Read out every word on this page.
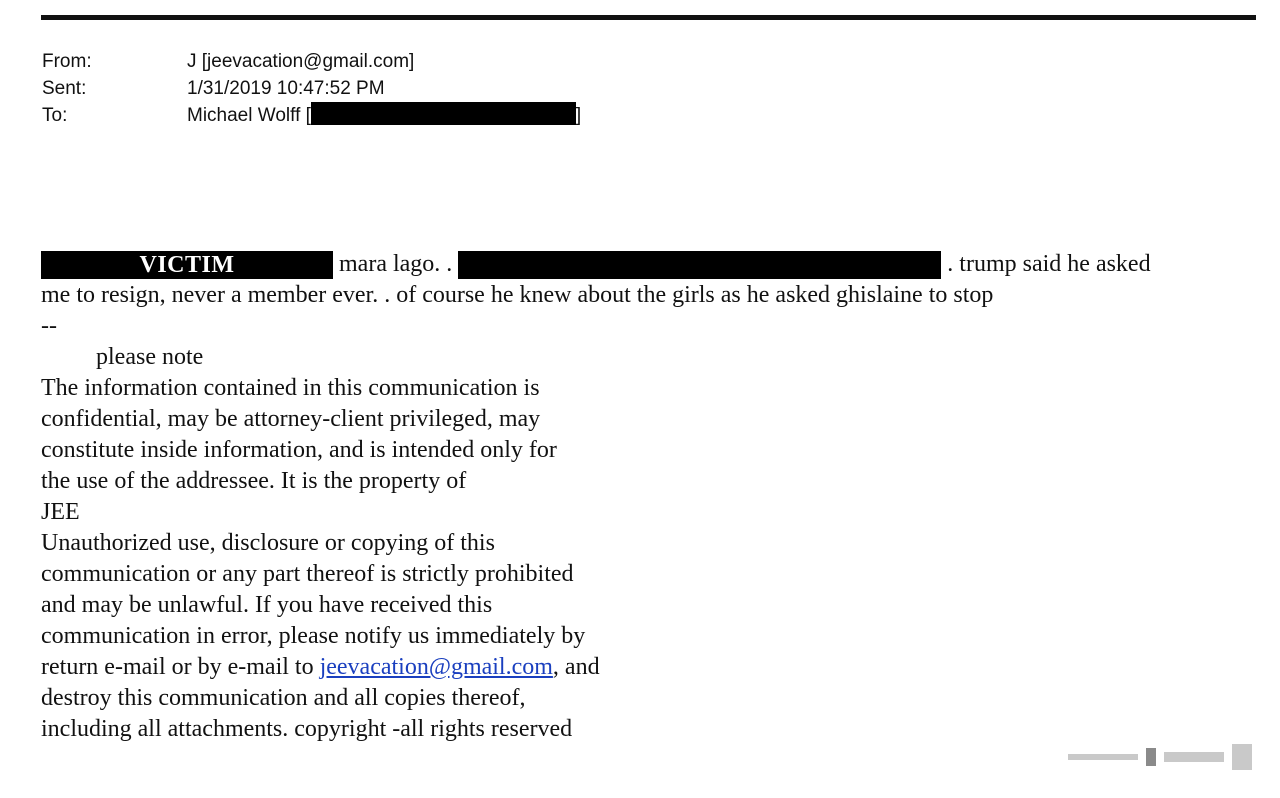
From:	J [jeevacation@gmail.com]
Sent:	1/31/2019 10:47:52 PM
To:	Michael Wolff [	]
VICTIM	mara lago. .	. trump said he asked
me to resign, never a member ever. . of course he knew about the girls as he asked ghislaine to stop
--
please note
The information contained in this communication is
confidential, may be attorney-client privileged, may
constitute inside information, and is intended only for
the use of the addressee. It is the property of
JEE
Unauthorized use, disclosure or copying of this
communication or any part thereof is strictly prohibited
and may be unlawful. If you have received this
communication in error, please notify us immediately by
return e-mail or by e-mail to jeevacation@gmail.com, and
destroy this communication and all copies thereof,
including all attachments. copyright -all rights reserved
